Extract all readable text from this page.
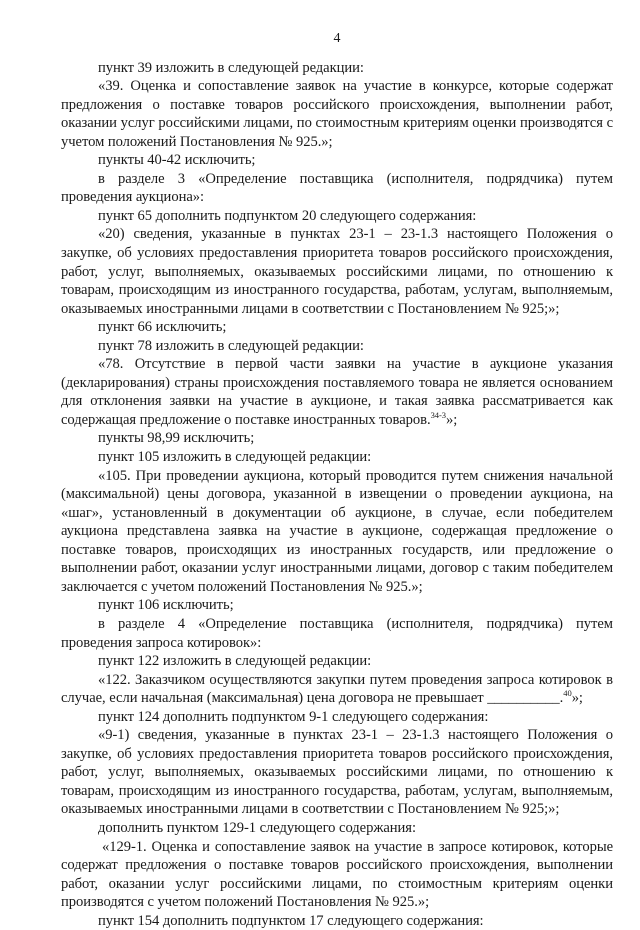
4

пункт 39 изложить в следующей редакции:

«39. Оценка и сопоставление заявок на участие в конкурсе, которые содержат предложения о поставке товаров российского происхождения, выполнении работ, оказании услуг российскими лицами, по стоимостным критериям оценки производятся с учетом положений Постановления № 925.»;

пункты 40-42 исключить;

в разделе 3 «Определение поставщика (исполнителя, подрядчика) путем проведения аукциона»:

пункт 65 дополнить подпунктом 20 следующего содержания:

«20) сведения, указанные в пунктах 23-1 – 23-1.3 настоящего Положения о закупке, об условиях предоставления приоритета товаров российского происхождения, работ, услуг, выполняемых, оказываемых российскими лицами, по отношению к товарам, происходящим из иностранного государства, работам, услугам, выполняемым, оказываемых иностранными лицами в соответствии с Постановлением № 925;»;

пункт 66 исключить;

пункт 78 изложить в следующей редакции:

«78. Отсутствие в первой части заявки на участие в аукционе указания (декларирования) страны происхождения поставляемого товара не является основанием для отклонения заявки на участие в аукционе, и такая заявка рассматривается как содержащая предложение о поставке иностранных товаров.$^{34-3}$»;

пункты 98,99 исключить;

пункт 105 изложить в следующей редакции:

«105. При проведении аукциона, который проводится путем снижения начальной (максимальной) цены договора, указанной в извещении о проведении аукциона, на «шаг», установленный в документации об аукционе, в случае, если победителем аукциона представлена заявка на участие в аукционе, содержащая предложение о поставке товаров, происходящих из иностранных государств, или предложение о выполнении работ, оказании услуг иностранными лицами, договор с таким победителем заключается с учетом положений Постановления № 925.»;

пункт 106 исключить;

в разделе 4 «Определение поставщика (исполнителя, подрядчика) путем проведения запроса котировок»:

пункт 122 изложить в следующей редакции:

«122. Заказчиком осуществляются закупки путем проведения запроса котировок в случае, если начальная (максимальная) цена договора не превышает __________.$^{40}$»;

пункт 124 дополнить подпунктом 9-1 следующего содержания:

«9-1) сведения, указанные в пунктах 23-1 – 23-1.3 настоящего Положения о закупке, об условиях предоставления приоритета товаров российского происхождения, работ, услуг, выполняемых, оказываемых российскими лицами, по отношению к товарам, происходящим из иностранного государства, работам, услугам, выполняемым, оказываемых иностранными лицами в соответствии с Постановлением № 925;»;

дополнить пунктом 129-1 следующего содержания:

«129-1. Оценка и сопоставление заявок на участие в запросе котировок, которые содержат предложения о поставке товаров российского происхождения, выполнении работ, оказании услуг российскими лицами, по стоимостным критериям оценки производятся с учетом положений Постановления № 925.»;

пункт 154 дополнить подпунктом 17 следующего содержания:
